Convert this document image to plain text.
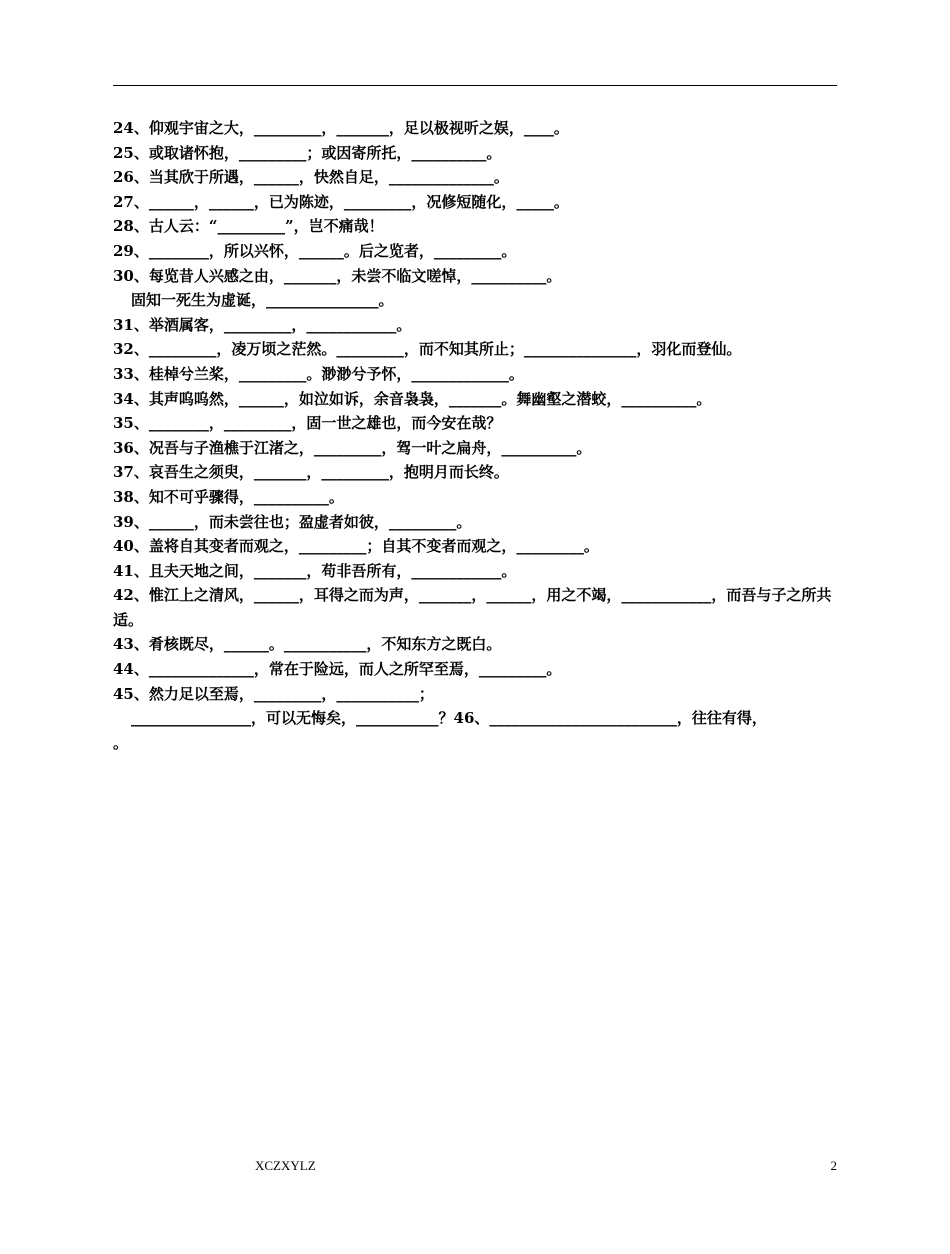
24、仰观宇宙之大，_________，_______，足以极视听之娱，____。
25、或取诸怀抱，_________；或因寄所托，__________。
26、当其欣于所遇，______，快然自足，______________。
27、______，______，已为陈迹，_________，况修短随化，_____。
28、古人云：“_________”，岂不痛哉！
29、________，所以兴怀，______。后之览者，_________。
30、每览昔人兴感之由，_______，未尝不临文嗟悼，__________。
固知一死生为虚诞，_______________。
31、举酒属客，_________，____________。
32、_________，凌万顷之茫然。_________，而不知其所止；_______________，羽化而登仙。
33、桂棹兮兰桨，_________。渺渺兮予怀，_____________。
34、其声呜呜然，______，如泣如诉，余音袅袅，_______。舞幽壑之潜蛟，__________。
35、________，_________，固一世之雄也，而今安在哉？
36、况吾与子渔樵于江渚之，_________，驾一叶之扁舟，__________。
37、哀吾生之须臾，_______，_________，抱明月而长终。
38、知不可乎骤得，__________。
39、______，而未尝往也；盈虚者如彼，_________。
40、盖将自其变者而观之，_________；自其不变者而观之，_________。
41、且夫天地之间，_______，苟非吾所有，____________。
42、惟江上之清风，______，耳得之而为声，_______，______，用之不竭，____________，而吾与子之所共适。
43、肴核既尽，______。___________，不知东方之既白。
44、______________，常在于险远，而人之所罕至焉，_________。
45、然力足以至焉，_________，___________；
________________，可以无悔矣，___________？46、_________________________，往往有得，
。
XCZXYLZ	2
